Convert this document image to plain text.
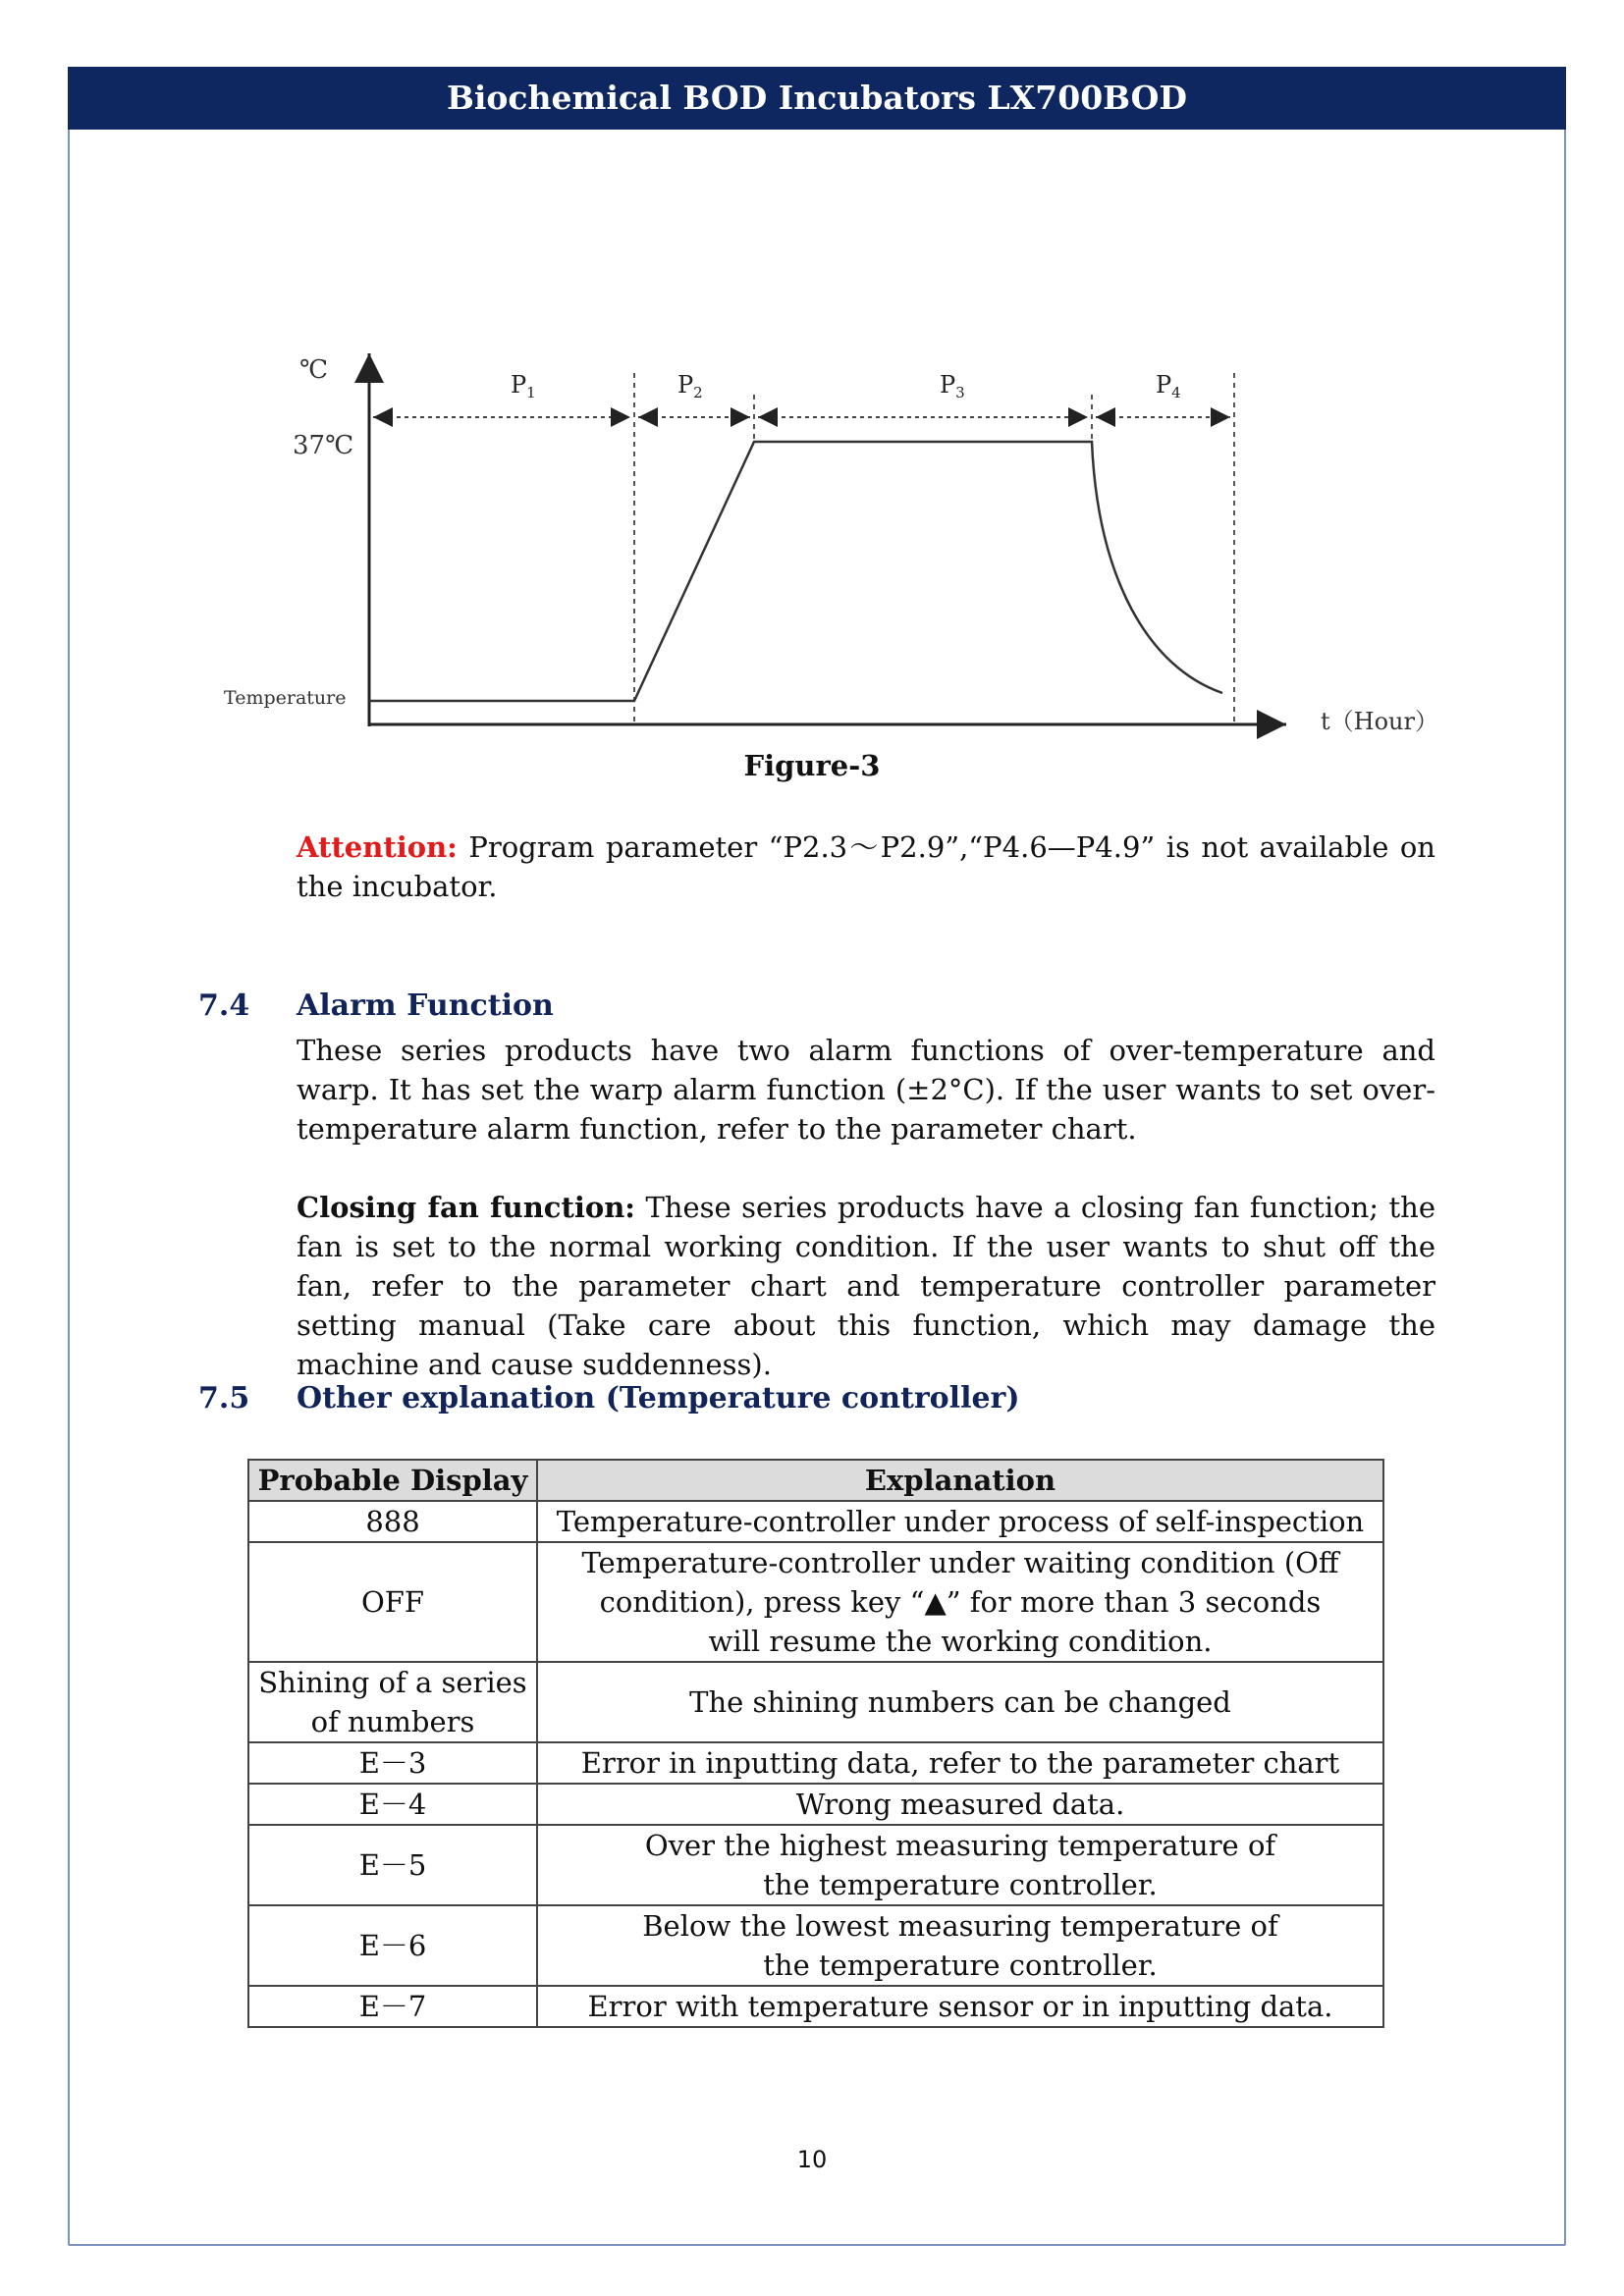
Biochemical BOD Incubators LX700BOD
℃
37℃
Temperature
t（Hour）
$P_1$	$P_2$	$P_3$	$P_4$
Figure-3
Attention: Program parameter “P2.3～P2.9”,“P4.6—P4.9” is not available on the incubator.
7.4 Alarm Function
These series products have two alarm functions of over-temperature and warp. It has set the warp alarm function (±2°C). If the user wants to set over-temperature alarm function, refer to the parameter chart.
Closing fan function: These series products have a closing fan function; the fan is set to the normal working condition. If the user wants to shut off the fan, refer to the parameter chart and temperature controller parameter setting manual (Take care about this function, which may damage the machine and cause suddenness).
7.5 Other explanation (Temperature controller)
Probable Display	Explanation
888	Temperature-controller under process of self-inspection
OFF	Temperature-controller under waiting condition (Off condition), press key “▲” for more than 3 seconds will resume the working condition.
Shining of a series of numbers	The shining numbers can be changed
E－3	Error in inputting data, refer to the parameter chart
E－4	Wrong measured data.
E－5	Over the highest measuring temperature of the temperature controller.
E－6	Below the lowest measuring temperature of the temperature controller.
E－7	Error with temperature sensor or in inputting data.
10
